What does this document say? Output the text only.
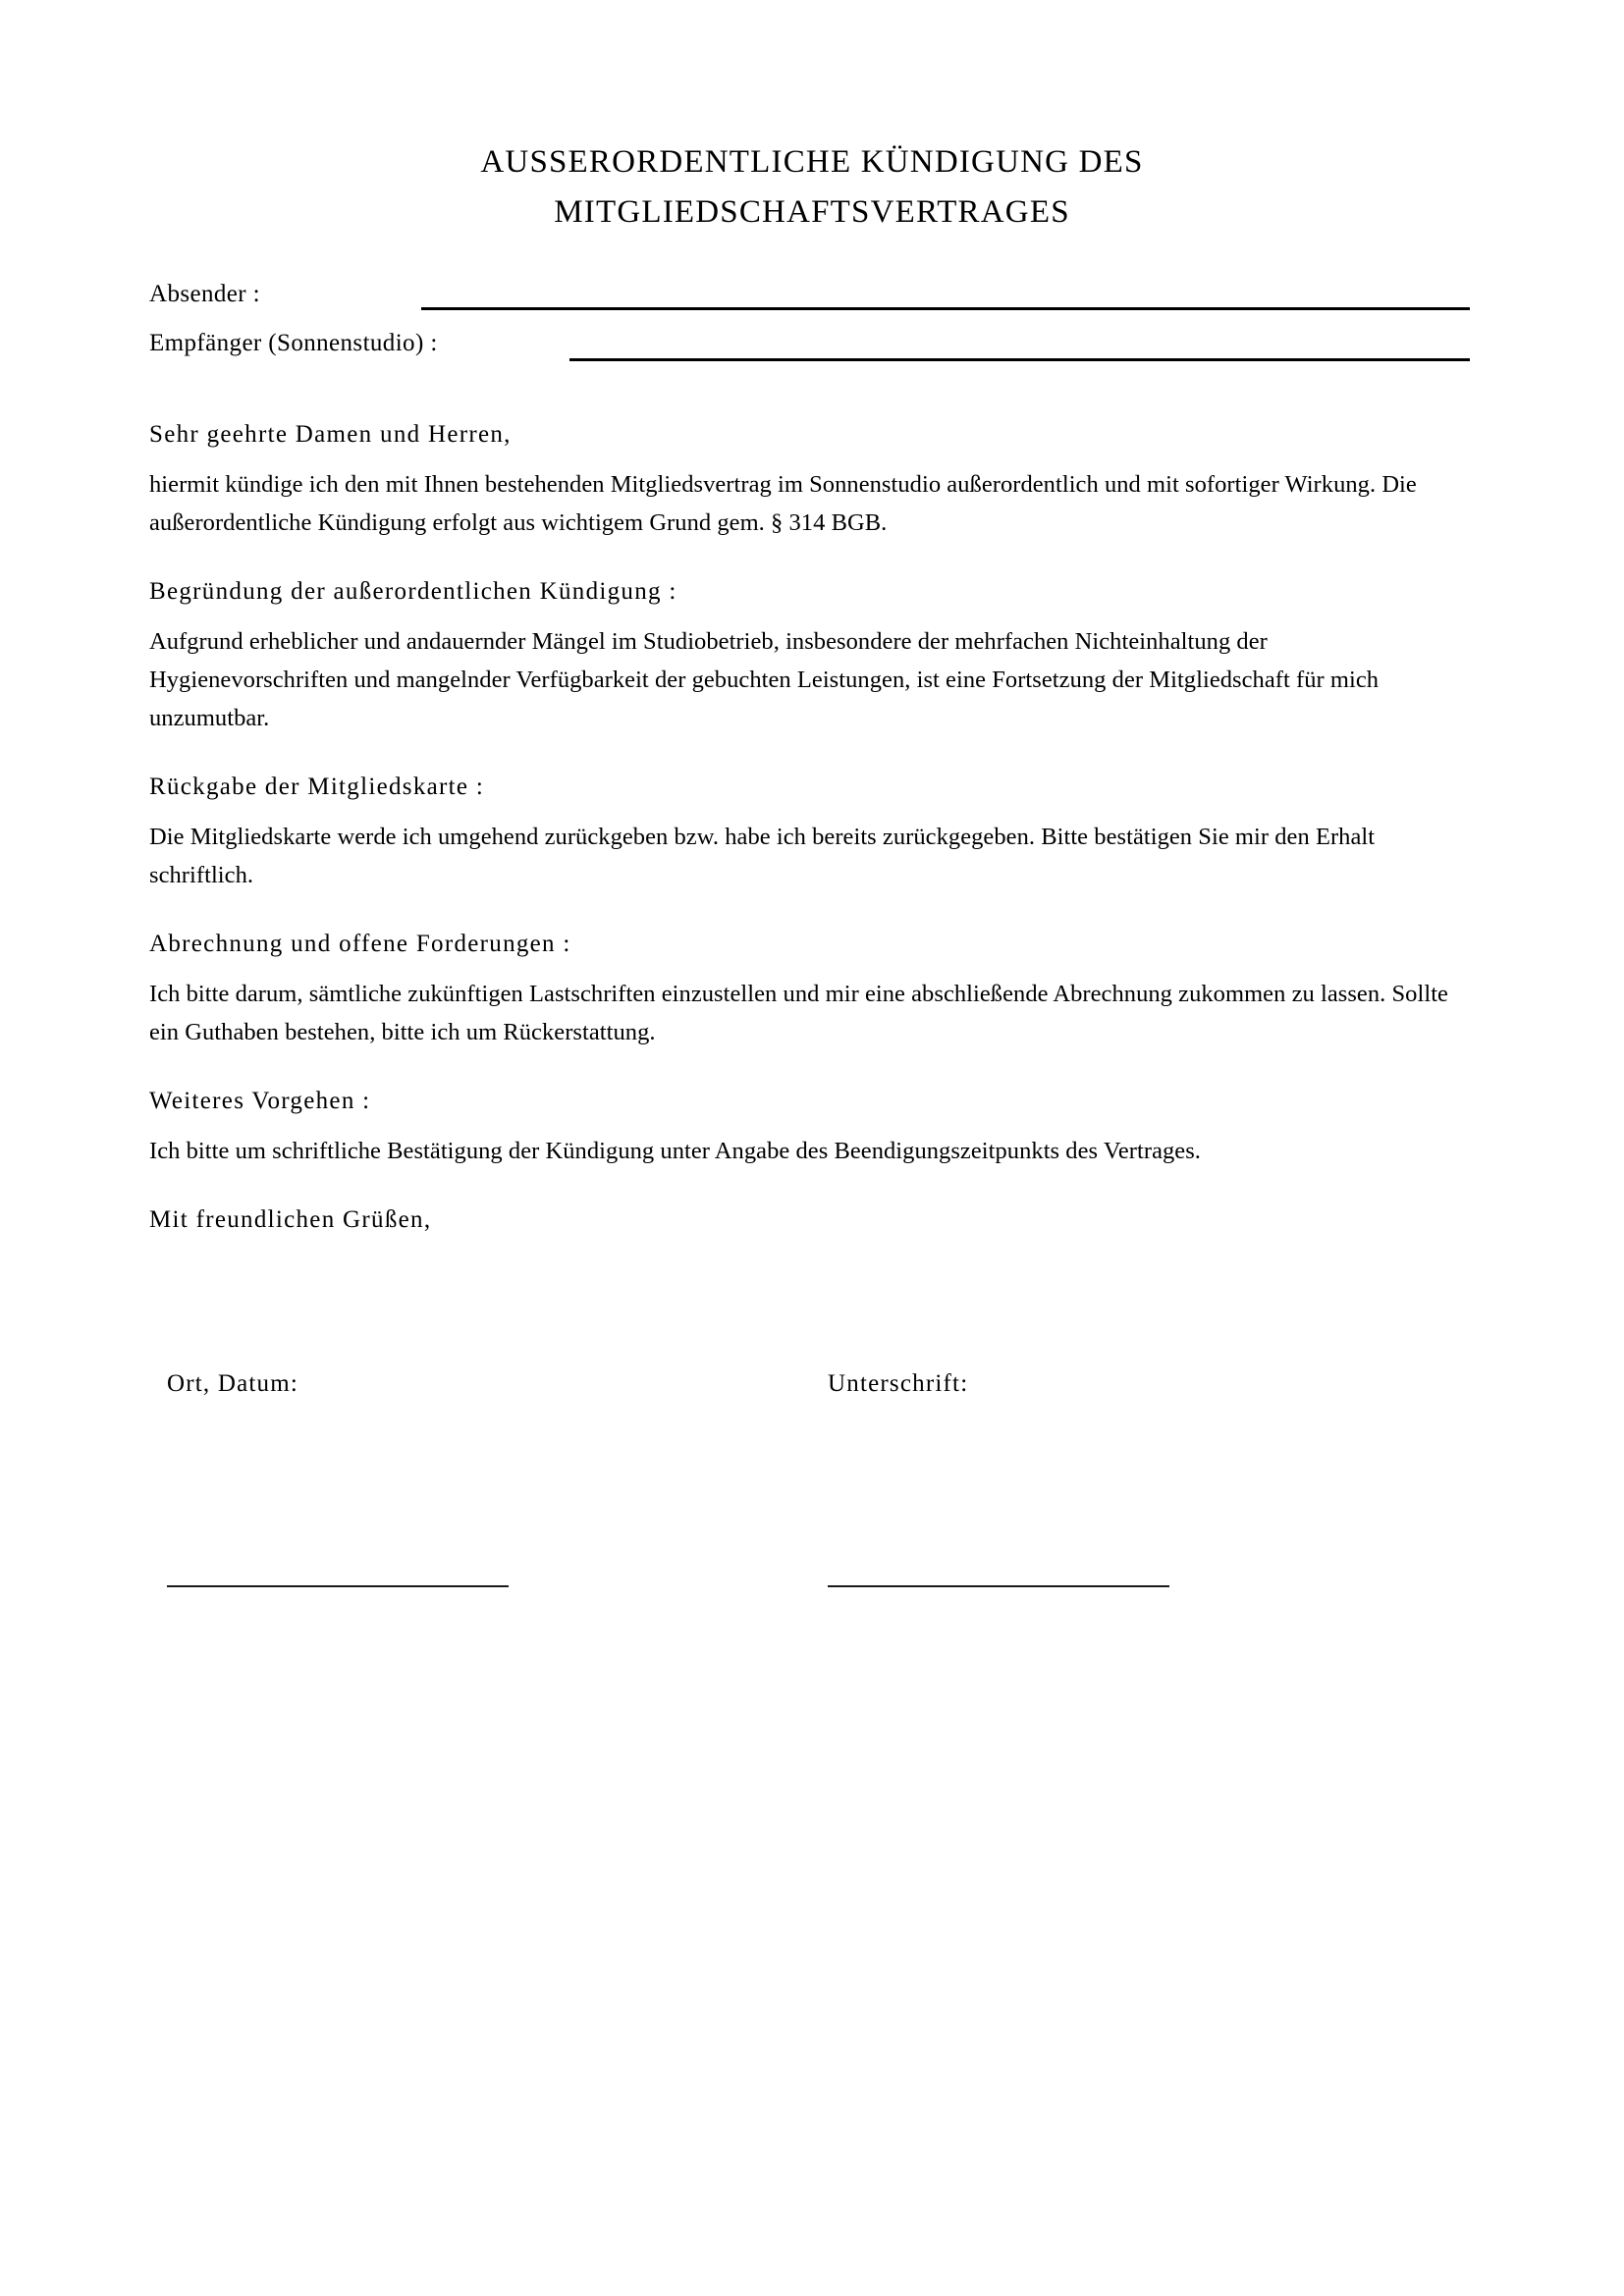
AUSSERORDENTLICHE KÜNDIGUNG DES
MITGLIEDSCHAFTSVERTRAGES
Absender :
Empfänger (Sonnenstudio) :

Sehr geehrte Damen und Herren,

hiermit kündige ich den mit Ihnen bestehenden Mitgliedsvertrag im Sonnenstudio außerordentlich und mit sofortiger Wirkung. Die außerordentliche Kündigung erfolgt aus wichtigem Grund gem. § 314 BGB.

Begründung der außerordentlichen Kündigung :

Aufgrund erheblicher und andauernder Mängel im Studiobetrieb, insbesondere der mehrfachen Nichteinhaltung der Hygienevorschriften und mangelnder Verfügbarkeit der gebuchten Leistungen, ist eine Fortsetzung der Mitgliedschaft für mich unzumutbar.

Rückgabe der Mitgliedskarte :

Die Mitgliedskarte werde ich umgehend zurückgeben bzw. habe ich bereits zurückgegeben. Bitte bestätigen Sie mir den Erhalt schriftlich.

Abrechnung und offene Forderungen :

Ich bitte darum, sämtliche zukünftigen Lastschriften einzustellen und mir eine abschließende Abrechnung zukommen zu lassen. Sollte ein Guthaben bestehen, bitte ich um Rückerstattung.

Weiteres Vorgehen :

Ich bitte um schriftliche Bestätigung der Kündigung unter Angabe des Beendigungszeitpunkts des Vertrages.

Mit freundlichen Grüßen,

Ort, Datum:	Unterschrift:
